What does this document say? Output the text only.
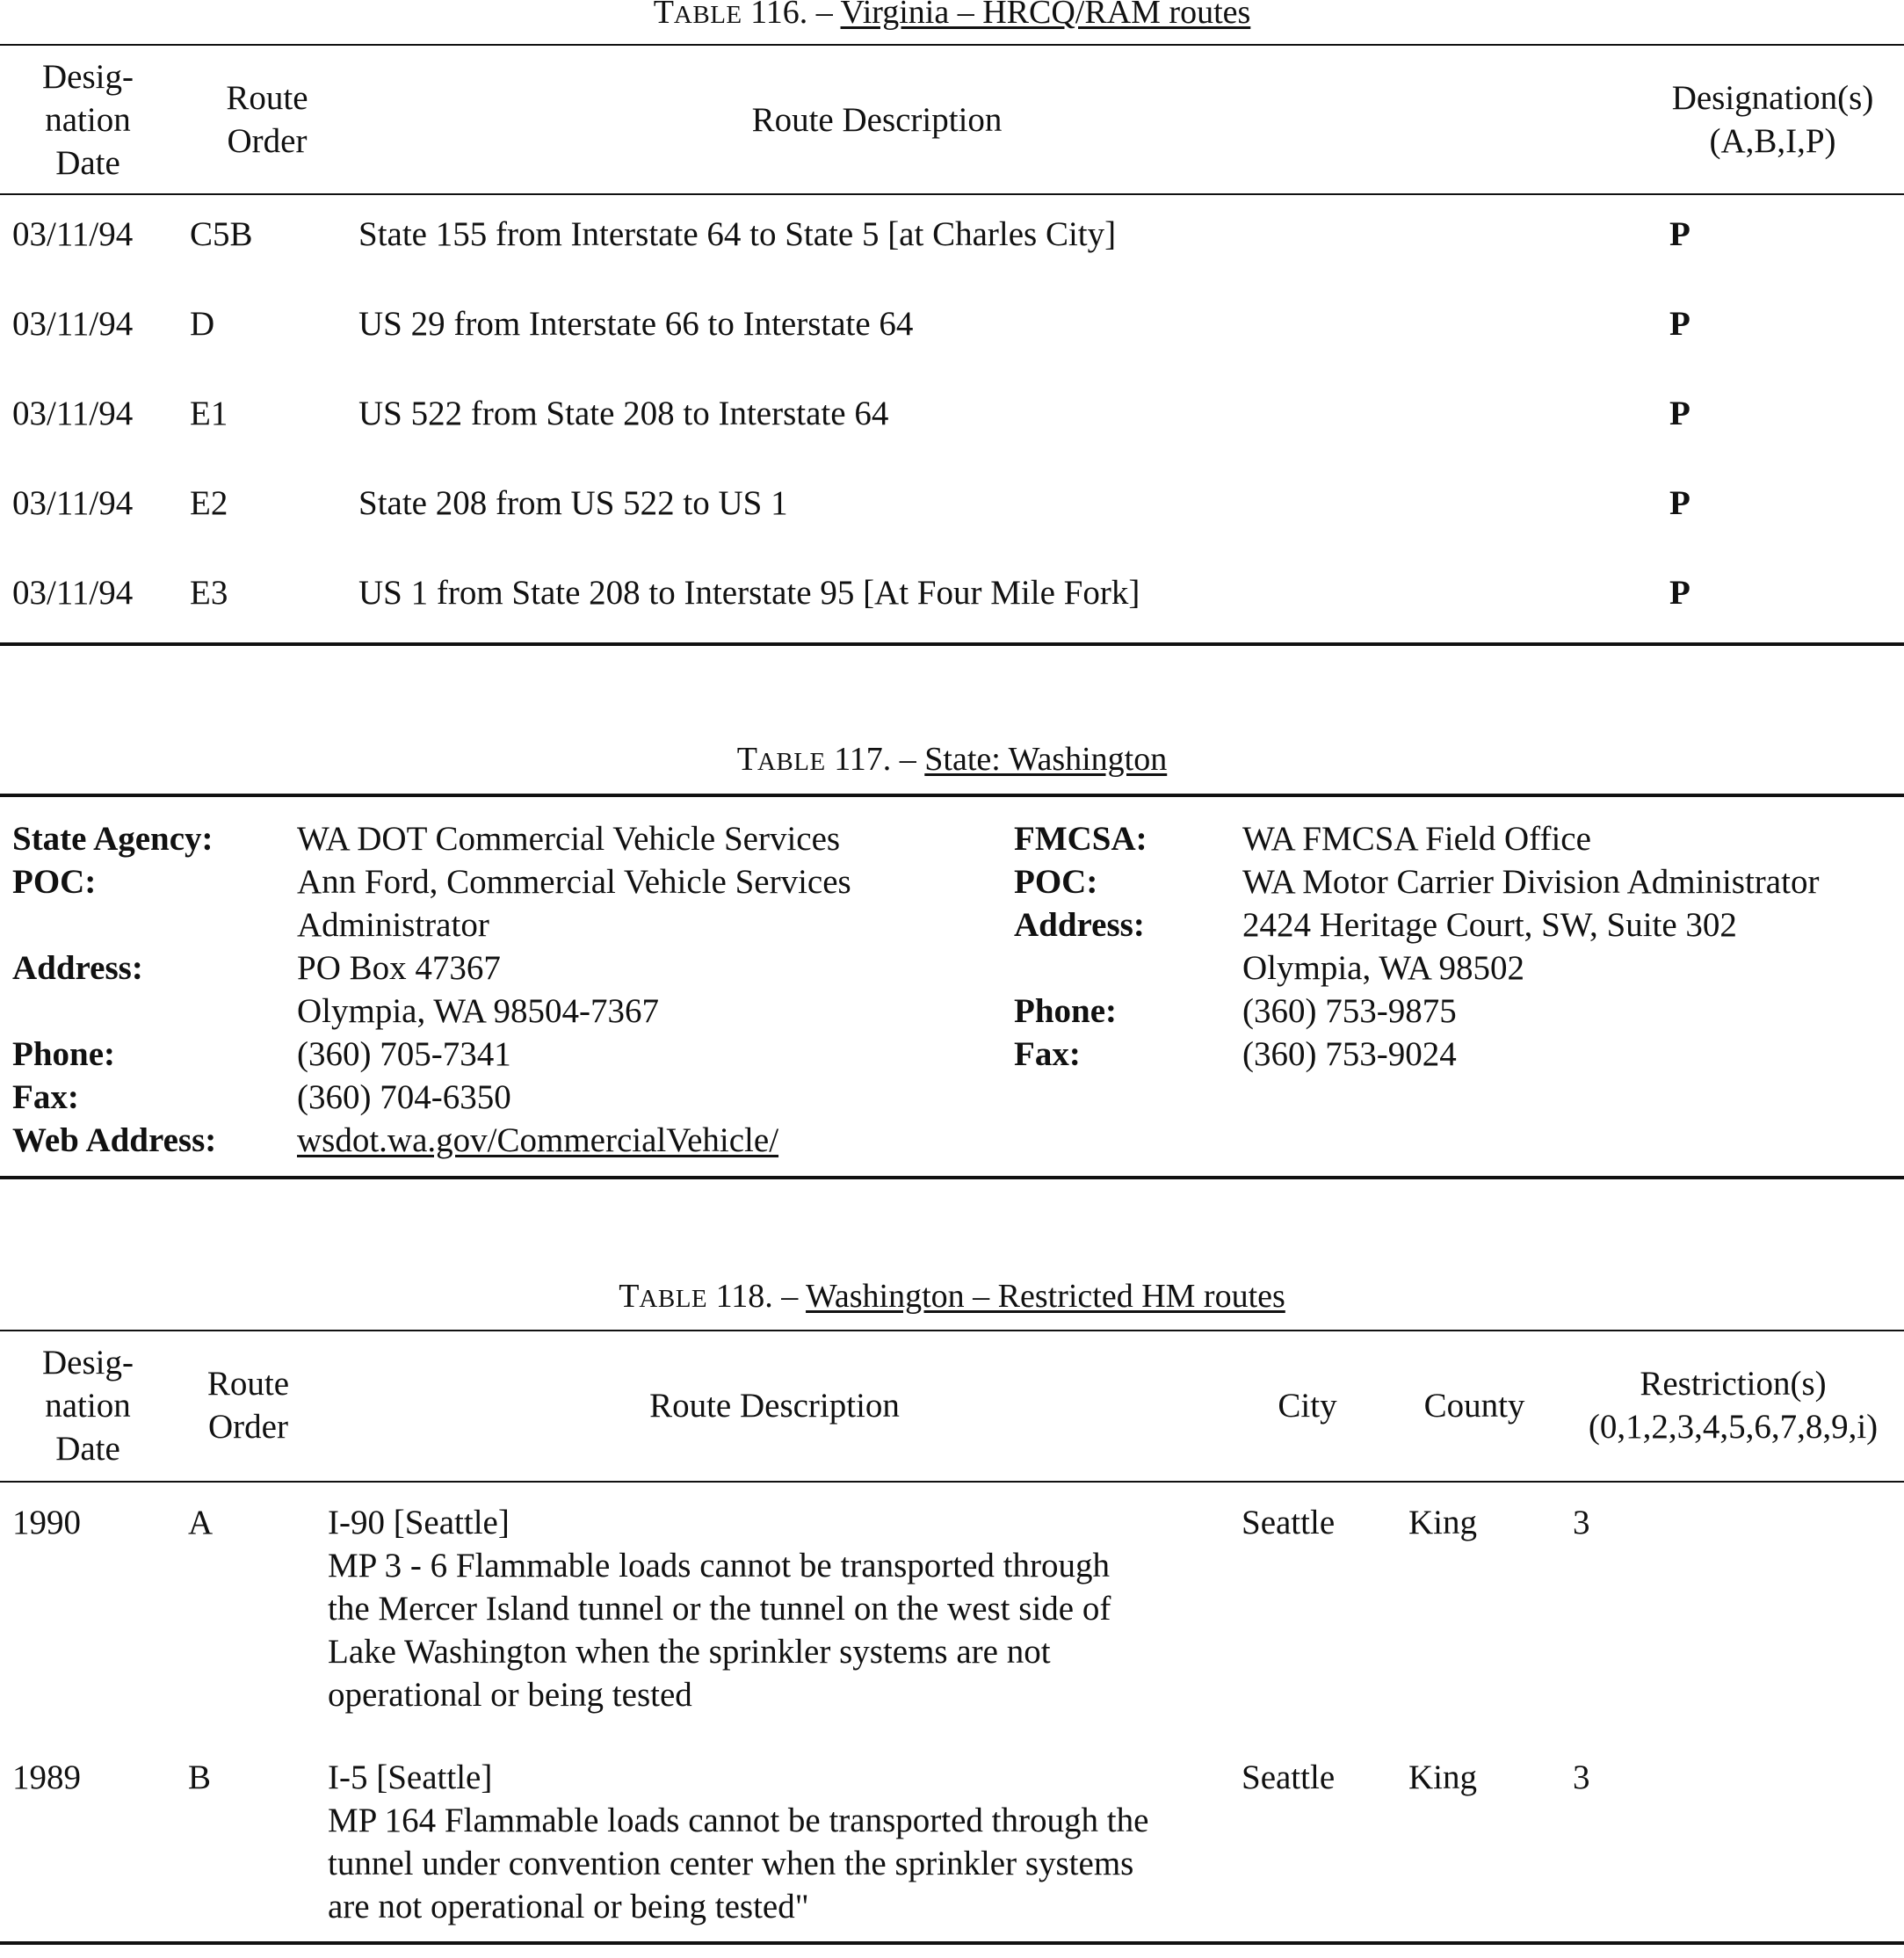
TABLE 116. – Virginia – HRCQ/RAM routes
Desig-
nation
Date

Route
Order

Route Description

Designation(s)
(A,B,I,P)
03/11/94	C5B	State 155 from Interstate 64 to State 5 [at Charles City]	P
03/11/94	D	US 29 from Interstate 66 to Interstate 64	P
03/11/94	E1	US 522 from State 208 to Interstate 64	P
03/11/94	E2	State 208 from US 522 to US 1	P
03/11/94	E3	US 1 from State 208 to Interstate 95 [At Four Mile Fork]	P
TABLE 117. – State: Washington
State Agency:	WA DOT Commercial Vehicle Services
POC:	Ann Ford, Commercial Vehicle Services
	Administrator
Address:	PO Box 47367
	Olympia, WA 98504-7367
Phone:	(360) 705-7341
Fax:	(360) 704-6350
Web Address:	wsdot.wa.gov/CommercialVehicle/
FMCSA:	WA FMCSA Field Office
POC:	WA Motor Carrier Division Administrator
Address:	2424 Heritage Court, SW, Suite 302
	Olympia, WA 98502
Phone:	(360) 753-9875
Fax:	(360) 753-9024
TABLE 118. – Washington – Restricted HM routes
Desig-
nation
Date

Route
Order

Route Description	City	County

Restriction(s)
(0,1,2,3,4,5,6,7,8,9,i)
1990	A	I-90 [Seattle]
MP 3 - 6 Flammable loads cannot be transported through
the Mercer Island tunnel or the tunnel on the west side of
Lake Washington when the sprinkler systems are not
operational or being tested	Seattle	King	3
1989	B	I-5 [Seattle]
MP 164 Flammable loads cannot be transported through the
tunnel under convention center when the sprinkler systems
are not operational or being tested"	Seattle	King	3
